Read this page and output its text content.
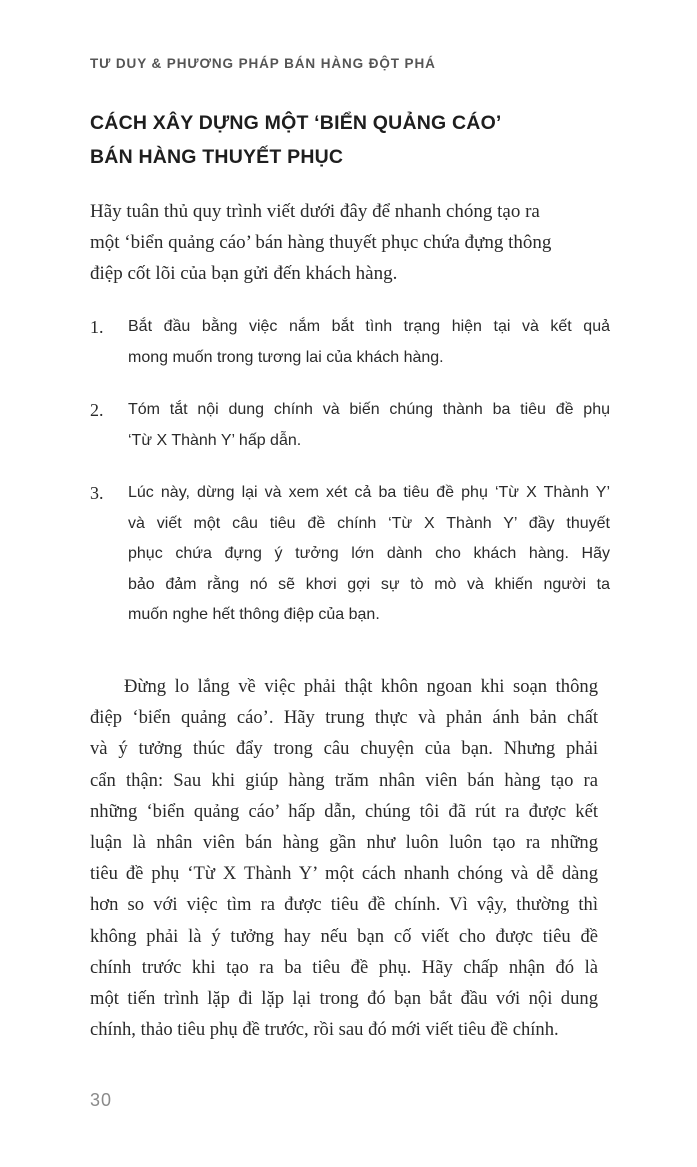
TƯ DUY & PHƯƠNG PHÁP BÁN HÀNG ĐỘT PHÁ
CÁCH XÂY DỰNG MỘT ‘BIỂN QUẢNG CÁO’
BÁN HÀNG THUYẾT PHỤC
Hãy tuân thủ quy trình viết dưới đây để nhanh chóng tạo ra
một ‘biển quảng cáo’ bán hàng thuyết phục chứa đựng thông
điệp cốt lõi của bạn gửi đến khách hàng.
1. Bắt đầu bằng việc nắm bắt tình trạng hiện tại và kết quả
mong muốn trong tương lai của khách hàng.
2. Tóm tắt nội dung chính và biến chúng thành ba tiêu đề phụ
‘Từ X Thành Y’ hấp dẫn.
3. Lúc này, dừng lại và xem xét cả ba tiêu đề phụ ‘Từ X Thành Y’
và viết một câu tiêu đề chính ‘Từ X Thành Y’ đầy thuyết
phục chứa đựng ý tưởng lớn dành cho khách hàng. Hãy
bảo đảm rằng nó sẽ khơi gợi sự tò mò và khiến người ta
muốn nghe hết thông điệp của bạn.
Đừng lo lắng về việc phải thật khôn ngoan khi soạn thông
điệp ‘biển quảng cáo’. Hãy trung thực và phản ánh bản chất
và ý tưởng thúc đẩy trong câu chuyện của bạn. Nhưng phải
cẩn thận: Sau khi giúp hàng trăm nhân viên bán hàng tạo ra
những ‘biển quảng cáo’ hấp dẫn, chúng tôi đã rút ra được kết
luận là nhân viên bán hàng gần như luôn luôn tạo ra những
tiêu đề phụ ‘Từ X Thành Y’ một cách nhanh chóng và dễ dàng
hơn so với việc tìm ra được tiêu đề chính. Vì vậy, thường thì
không phải là ý tưởng hay nếu bạn cố viết cho được tiêu đề
chính trước khi tạo ra ba tiêu đề phụ. Hãy chấp nhận đó là
một tiến trình lặp đi lặp lại trong đó bạn bắt đầu với nội dung
chính, thảo tiêu phụ đề trước, rồi sau đó mới viết tiêu đề chính.
30
